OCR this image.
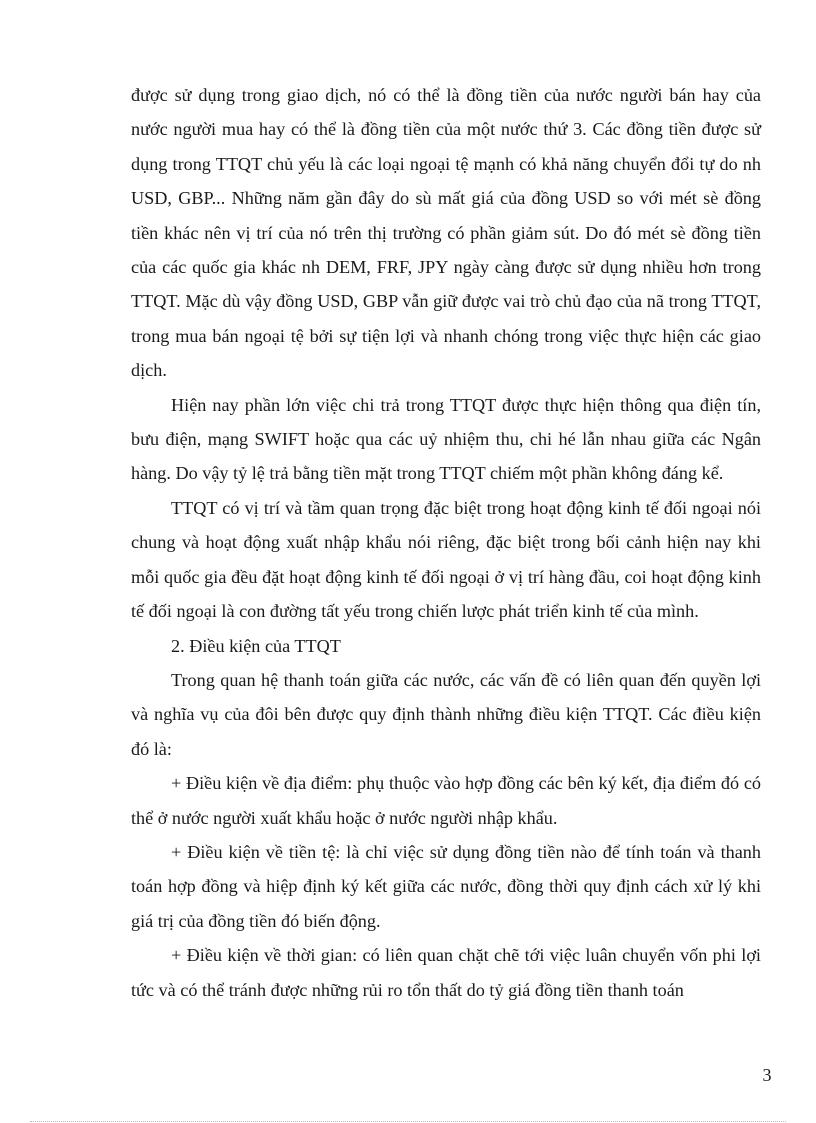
được sử dụng trong giao dịch, nó có thể là đồng tiền của nước người bán hay của nước người mua hay có thể là đồng tiền của một nước thứ 3. Các đồng tiền được sử dụng trong TTQT chủ yếu là các loại ngoại tệ mạnh có khả năng chuyển đổi tự do nh USD, GBP... Những năm gần đây do sù mất giá của đồng USD so với mét sè đồng tiền khác nên vị trí của nó trên thị trường có phần giảm sút. Do đó mét sè đồng tiền của các quốc gia khác nh DEM, FRF, JPY ngày càng được sử dụng nhiều hơn trong TTQT. Mặc dù vậy đồng USD, GBP vẫn giữ được vai trò chủ đạo của nã trong TTQT, trong mua bán ngoại tệ bởi sự tiện lợi và nhanh chóng trong việc thực hiện các giao dịch.

Hiện nay phần lớn việc chi trả trong TTQT được thực hiện thông qua điện tín, bưu điện, mạng SWIFT hoặc qua các uỷ nhiệm thu, chi hé lẫn nhau giữa các Ngân hàng. Do vậy tỷ lệ trả bằng tiền mặt trong TTQT chiếm một phần không đáng kể.

TTQT có vị trí và tầm quan trọng đặc biệt trong hoạt động kinh tế đối ngoại nói chung và hoạt động xuất nhập khẩu nói riêng, đặc biệt trong bối cảnh hiện nay khi mỗi quốc gia đều đặt hoạt động kinh tế đối ngoại ở vị trí hàng đầu, coi hoạt động kinh tế đối ngoại là con đường tất yếu trong chiến lược phát triển kinh tế của mình.

2. Điều kiện của TTQT

Trong quan hệ thanh toán giữa các nước, các vấn đề có liên quan đến quyền lợi và nghĩa vụ của đôi bên được quy định thành những điều kiện TTQT. Các điều kiện đó là:

+ Điều kiện về địa điểm: phụ thuộc vào hợp đồng các bên ký kết, địa điểm đó có thể ở nước người xuất khẩu hoặc ở nước người nhập khẩu.

+ Điều kiện về tiền tệ: là chỉ việc sử dụng đồng tiền nào để tính toán và thanh toán hợp đồng và hiệp định ký kết giữa các nước, đồng thời quy định cách xử lý khi giá trị của đồng tiền đó biến động.

+ Điều kiện về thời gian: có liên quan chặt chẽ tới việc luân chuyển vốn phi lợi tức và có thể tránh được những rủi ro tổn thất do tỷ giá đồng tiền thanh toán

3
